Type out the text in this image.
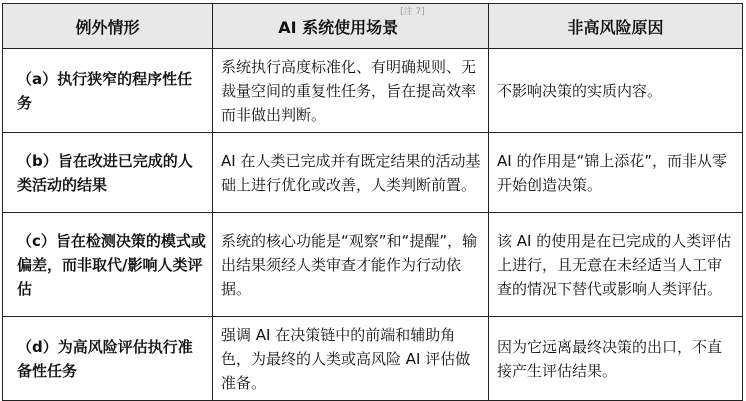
例外情形	AI 系统使用场景[注 7]	非高风险原因
（a）执行狭窄的程序性任务	系统执行高度标准化、有明确规则、无裁量空间的重复性任务，旨在提高效率而非做出判断。	不影响决策的实质内容。
（b）旨在改进已完成的人类活动的结果	AI 在人类已完成并有既定结果的活动基础上进行优化或改善，人类判断前置。	AI 的作用是“锦上添花”，而非从零开始创造决策。
（c）旨在检测决策的模式或偏差，而非取代/影响人类评估	系统的核心功能是“观察”和“提醒”，输出结果须经人类审查才能作为行动依据。	该 AI 的使用是在已完成的人类评估上进行，且无意在未经适当人工审查的情况下替代或影响人类评估。
（d）为高风险评估执行准备性任务	强调 AI 在决策链中的前端和辅助角色，为最终的人类或高风险 AI 评估做准备。	因为它远离最终决策的出口，不直接产生评估结果。
